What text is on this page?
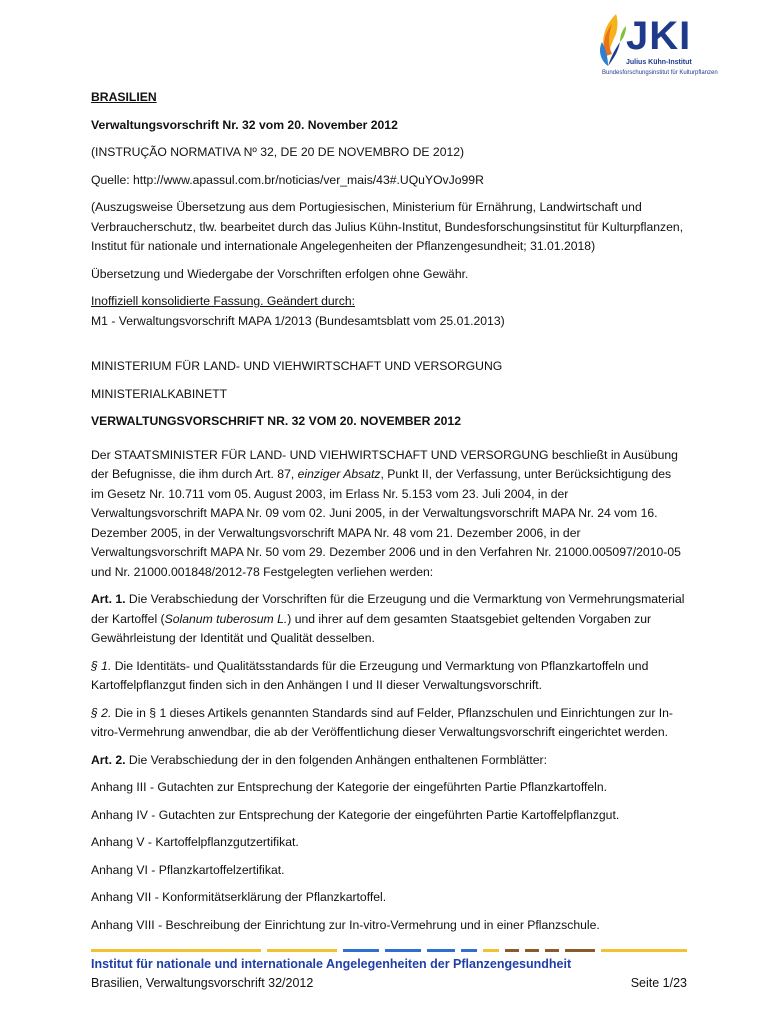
JKI
Julius Kühn-Institut
Bundesforschungsinstitut für Kulturpflanzen

BRASILIEN

Verwaltungsvorschrift Nr. 32 vom 20. November 2012

(INSTRUÇÃO NORMATIVA Nº 32, DE 20 DE NOVEMBRO DE 2012)

Quelle: http://www.apassul.com.br/noticias/ver_mais/43#.UQuYOvJo99R

(Auszugsweise Übersetzung aus dem Portugiesischen, Ministerium für Ernährung, Landwirtschaft und Verbraucherschutz, tlw. bearbeitet durch das Julius Kühn-Institut, Bundesforschungsinstitut für Kulturpflanzen, Institut für nationale und internationale Angelegenheiten der Pflanzengesundheit; 31.01.2018)

Übersetzung und Wiedergabe der Vorschriften erfolgen ohne Gewähr.

Inoffiziell konsolidierte Fassung. Geändert durch:

M1 - Verwaltungsvorschrift MAPA 1/2013 (Bundesamtsblatt vom 25.01.2013)

MINISTERIUM FÜR LAND- UND VIEHWIRTSCHAFT UND VERSORGUNG

MINISTERIALKABINETT

VERWALTUNGSVORSCHRIFT NR. 32 VOM 20. NOVEMBER 2012

Der STAATSMINISTER FÜR LAND- UND VIEHWIRTSCHAFT UND VERSORGUNG beschließt in Ausübung der Befugnisse, die ihm durch Art. 87, einziger Absatz, Punkt II, der Verfassung, unter Berücksichtigung des im Gesetz Nr. 10.711 vom 05. August 2003, im Erlass Nr. 5.153 vom 23. Juli 2004, in der Verwaltungsvorschrift MAPA Nr. 09 vom 02. Juni 2005, in der Verwaltungsvorschrift MAPA Nr. 24 vom 16. Dezember 2005, in der Verwaltungsvorschrift MAPA Nr. 48 vom 21. Dezember 2006, in der Verwaltungsvorschrift MAPA Nr. 50 vom 29. Dezember 2006 und in den Verfahren Nr. 21000.005097/2010-05 und Nr. 21000.001848/2012-78 Festgelegten verliehen werden:

Art. 1. Die Verabschiedung der Vorschriften für die Erzeugung und die Vermarktung von Vermehrungsmaterial der Kartoffel (Solanum tuberosum L.) und ihrer auf dem gesamten Staatsgebiet geltenden Vorgaben zur Gewährleistung der Identität und Qualität desselben.

§ 1. Die Identitäts- und Qualitätsstandards für die Erzeugung und Vermarktung von Pflanzkartoffeln und Kartoffelpflanzgut finden sich in den Anhängen I und II dieser Verwaltungsvorschrift.

§ 2. Die in § 1 dieses Artikels genannten Standards sind auf Felder, Pflanzschulen und Einrichtungen zur In-vitro-Vermehrung anwendbar, die ab der Veröffentlichung dieser Verwaltungsvorschrift eingerichtet werden.

Art. 2. Die Verabschiedung der in den folgenden Anhängen enthaltenen Formblätter:

Anhang III - Gutachten zur Entsprechung der Kategorie der eingeführten Partie Pflanzkartoffeln.

Anhang IV - Gutachten zur Entsprechung der Kategorie der eingeführten Partie Kartoffelpflanzgut.

Anhang V - Kartoffelpflanzgutzertifikat.

Anhang VI - Pflanzkartoffelzertifikat.

Anhang VII - Konformitätserklärung der Pflanzkartoffel.

Anhang VIII - Beschreibung der Einrichtung zur In-vitro-Vermehrung und in einer Pflanzschule.

Institut für nationale und internationale Angelegenheiten der Pflanzengesundheit
Brasilien, Verwaltungsvorschrift 32/2012	Seite 1/23
